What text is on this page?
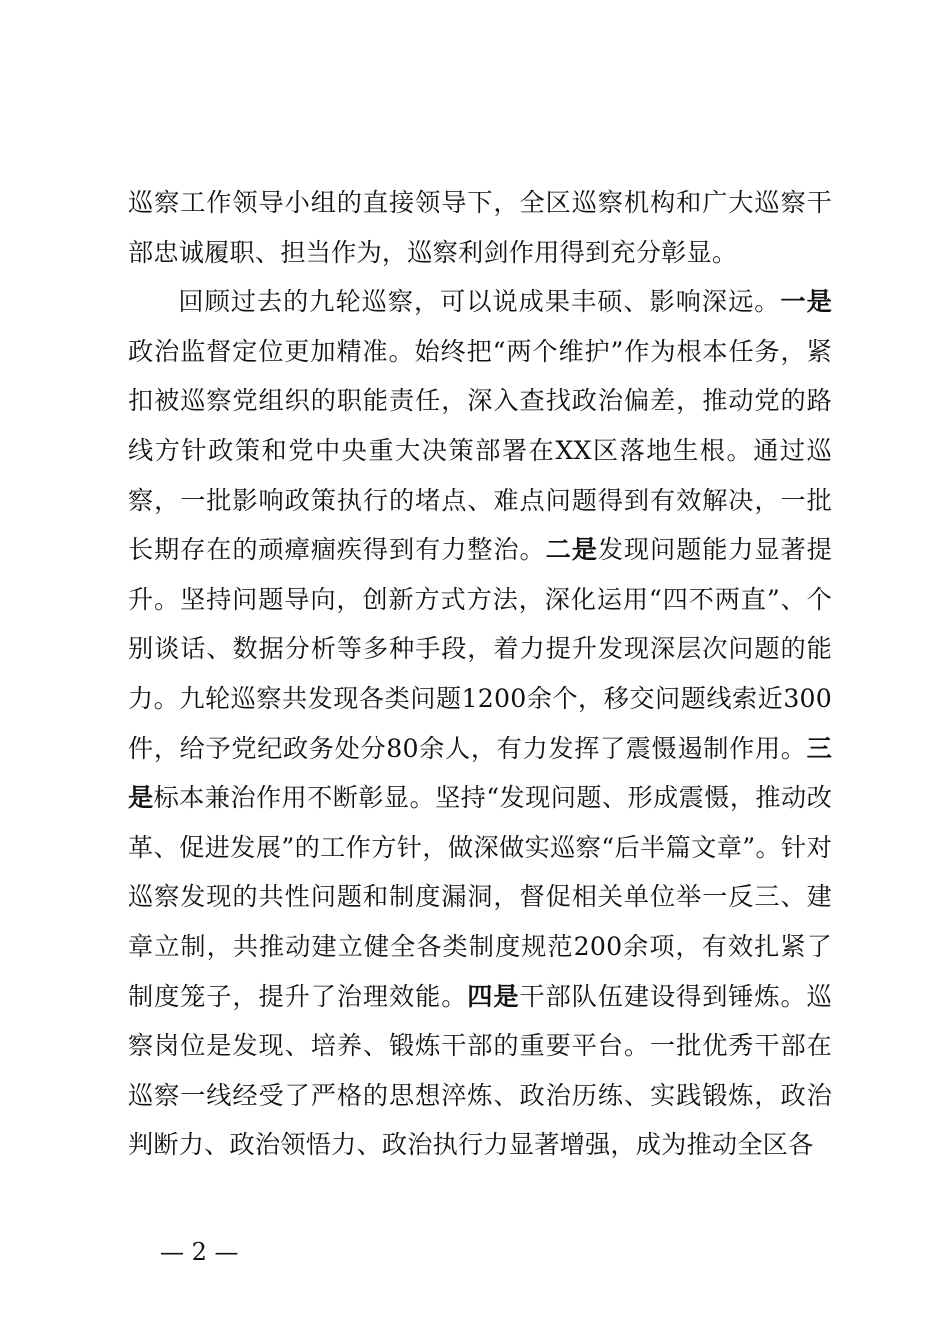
巡察工作领导小组的直接领导下，全区巡察机构和广大巡察干部忠诚履职、担当作为，巡察利剑作用得到充分彰显。

回顾过去的九轮巡察，可以说成果丰硕、影响深远。一是政治监督定位更加精准。始终把“两个维护”作为根本任务，紧扣被巡察党组织的职能责任，深入查找政治偏差，推动党的路线方针政策和党中央重大决策部署在XX区落地生根。通过巡察，一批影响政策执行的堵点、难点问题得到有效解决，一批长期存在的顽瘴痼疾得到有力整治。二是发现问题能力显著提升。坚持问题导向，创新方式方法，深化运用“四不两直”、个别谈话、数据分析等多种手段，着力提升发现深层次问题的能力。九轮巡察共发现各类问题1200余个，移交问题线索近300件，给予党纪政务处分80余人，有力发挥了震慑遏制作用。三是标本兼治作用不断彰显。坚持“发现问题、形成震慑，推动改革、促进发展”的工作方针，做深做实巡察“后半篇文章”。针对巡察发现的共性问题和制度漏洞，督促相关单位举一反三、建章立制，共推动建立健全各类制度规范200余项，有效扎紧了制度笼子，提升了治理效能。四是干部队伍建设得到锤炼。巡察岗位是发现、培养、锻炼干部的重要平台。一批优秀干部在巡察一线经受了严格的思想淬炼、政治历练、实践锻炼，政治判断力、政治领悟力、政治执行力显著增强，成为推动全区各

— 2 —
